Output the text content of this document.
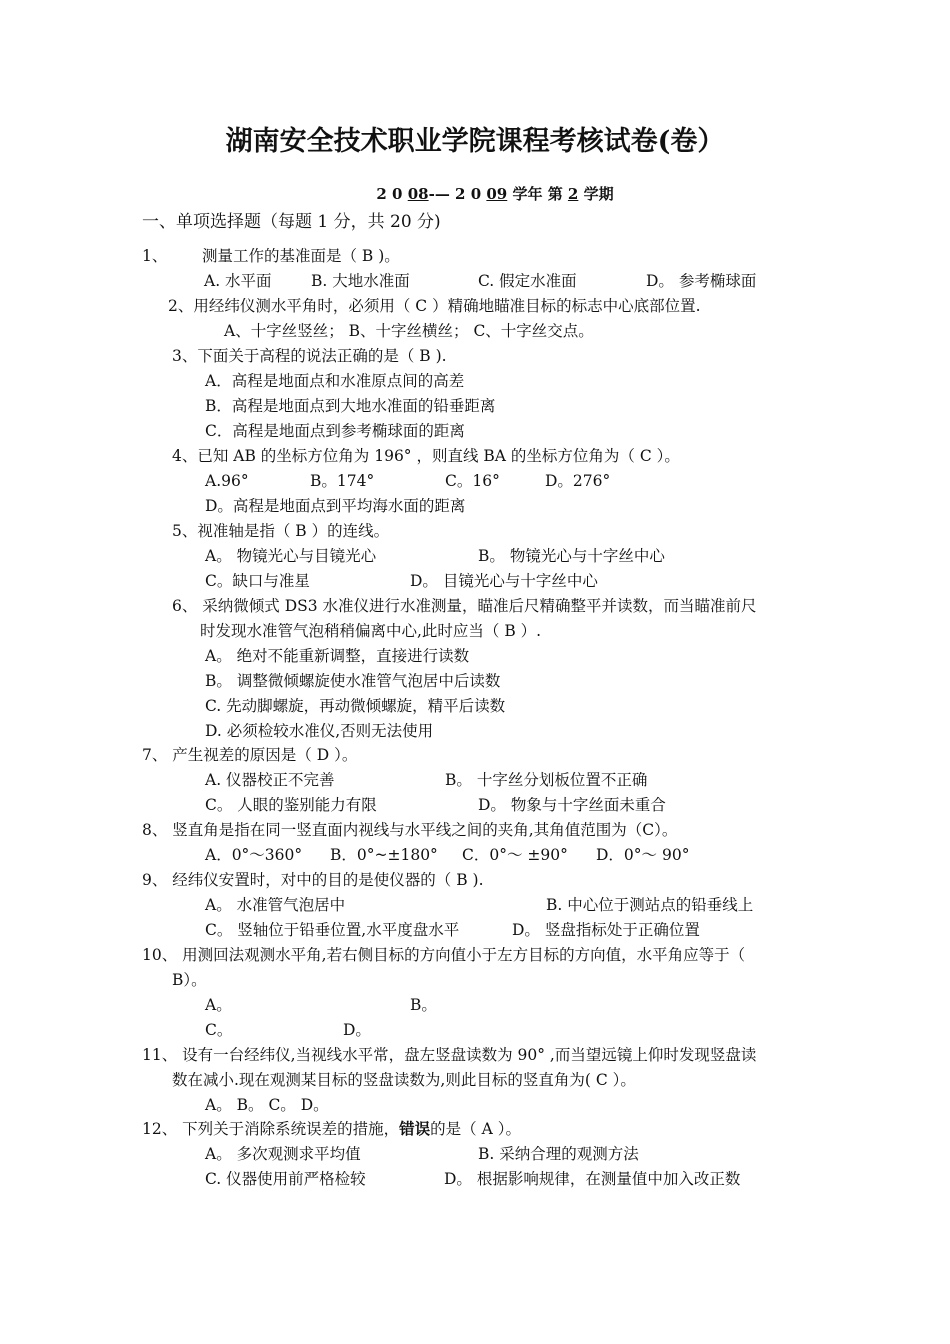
湖南安全技术职业学院课程考核试卷(卷）
2 0 08-— 2 0 09 学年 第 2 学期
一、单项选择题（每题 1 分，共 20 分)
1、 测量工作的基准面是（ B )。
A. 水平面	B. 大地水准面	C. 假定水准面	D。 参考椭球面
2、用经纬仪测水平角时，必须用（ C ）精确地瞄准目标的标志中心底部位置.
A、十字丝竖丝； B、十字丝横丝； C、十字丝交点。
3、下面关于高程的说法正确的是（ B ).
A．高程是地面点和水准原点间的高差
B．高程是地面点到大地水准面的铅垂距离
C．高程是地面点到参考椭球面的距离
4、已知 AB 的坐标方位角为 196° ，则直线 BA 的坐标方位角为（ C ）。
A.96°	B。174°	C。16°	D。276°
D。高程是地面点到平均海水面的距离
5、视准轴是指（ B ）的连线。
A。 物镜光心与目镜光心	B。 物镜光心与十字丝中心
C。缺口与准星	D。 目镜光心与十字丝中心
6、 采纳微倾式 DS3 水准仪进行水准测量，瞄准后尺精确整平并读数，而当瞄准前尺
时发现水准管气泡稍稍偏离中心,此时应当（ B ）.
A。 绝对不能重新调整，直接进行读数
B。 调整微倾螺旋使水准管气泡居中后读数
C. 先动脚螺旋，再动微倾螺旋，精平后读数
D. 必须检较水准仪,否则无法使用
7、 产生视差的原因是（ D ）。
A. 仪器校正不完善	B。 十字丝分划板位置不正确
C。 人眼的鉴别能力有限	D。 物象与十字丝面未重合
8、 竖直角是指在同一竖直面内视线与水平线之间的夹角,其角值范围为（C）。
A．0°～360° B．0°~±180° C．0°～ ±90° D．0°～ 90°
9、 经纬仪安置时，对中的目的是使仪器的（ B ).
A。 水准管气泡居中	B. 中心位于测站点的铅垂线上
C。 竖轴位于铅垂位置,水平度盘水平	D。 竖盘指标处于正确位置
10、 用测回法观测水平角,若右侧目标的方向值小于左方目标的方向值，水平角应等于（
B）。
A。	B。
C。	D。
11、 设有一台经纬仪,当视线水平常，盘左竖盘读数为 90° ,而当望远镜上仰时发现竖盘读
数在减小.现在观测某目标的竖盘读数为,则此目标的竖直角为( C ）。
A。 B。 C。 D。
12、 下列关于消除系统误差的措施，错误的是（ A ）。
A。 多次观测求平均值	B. 采纳合理的观测方法
C. 仪器使用前严格检较	D。 根据影响规律，在测量值中加入改正数
